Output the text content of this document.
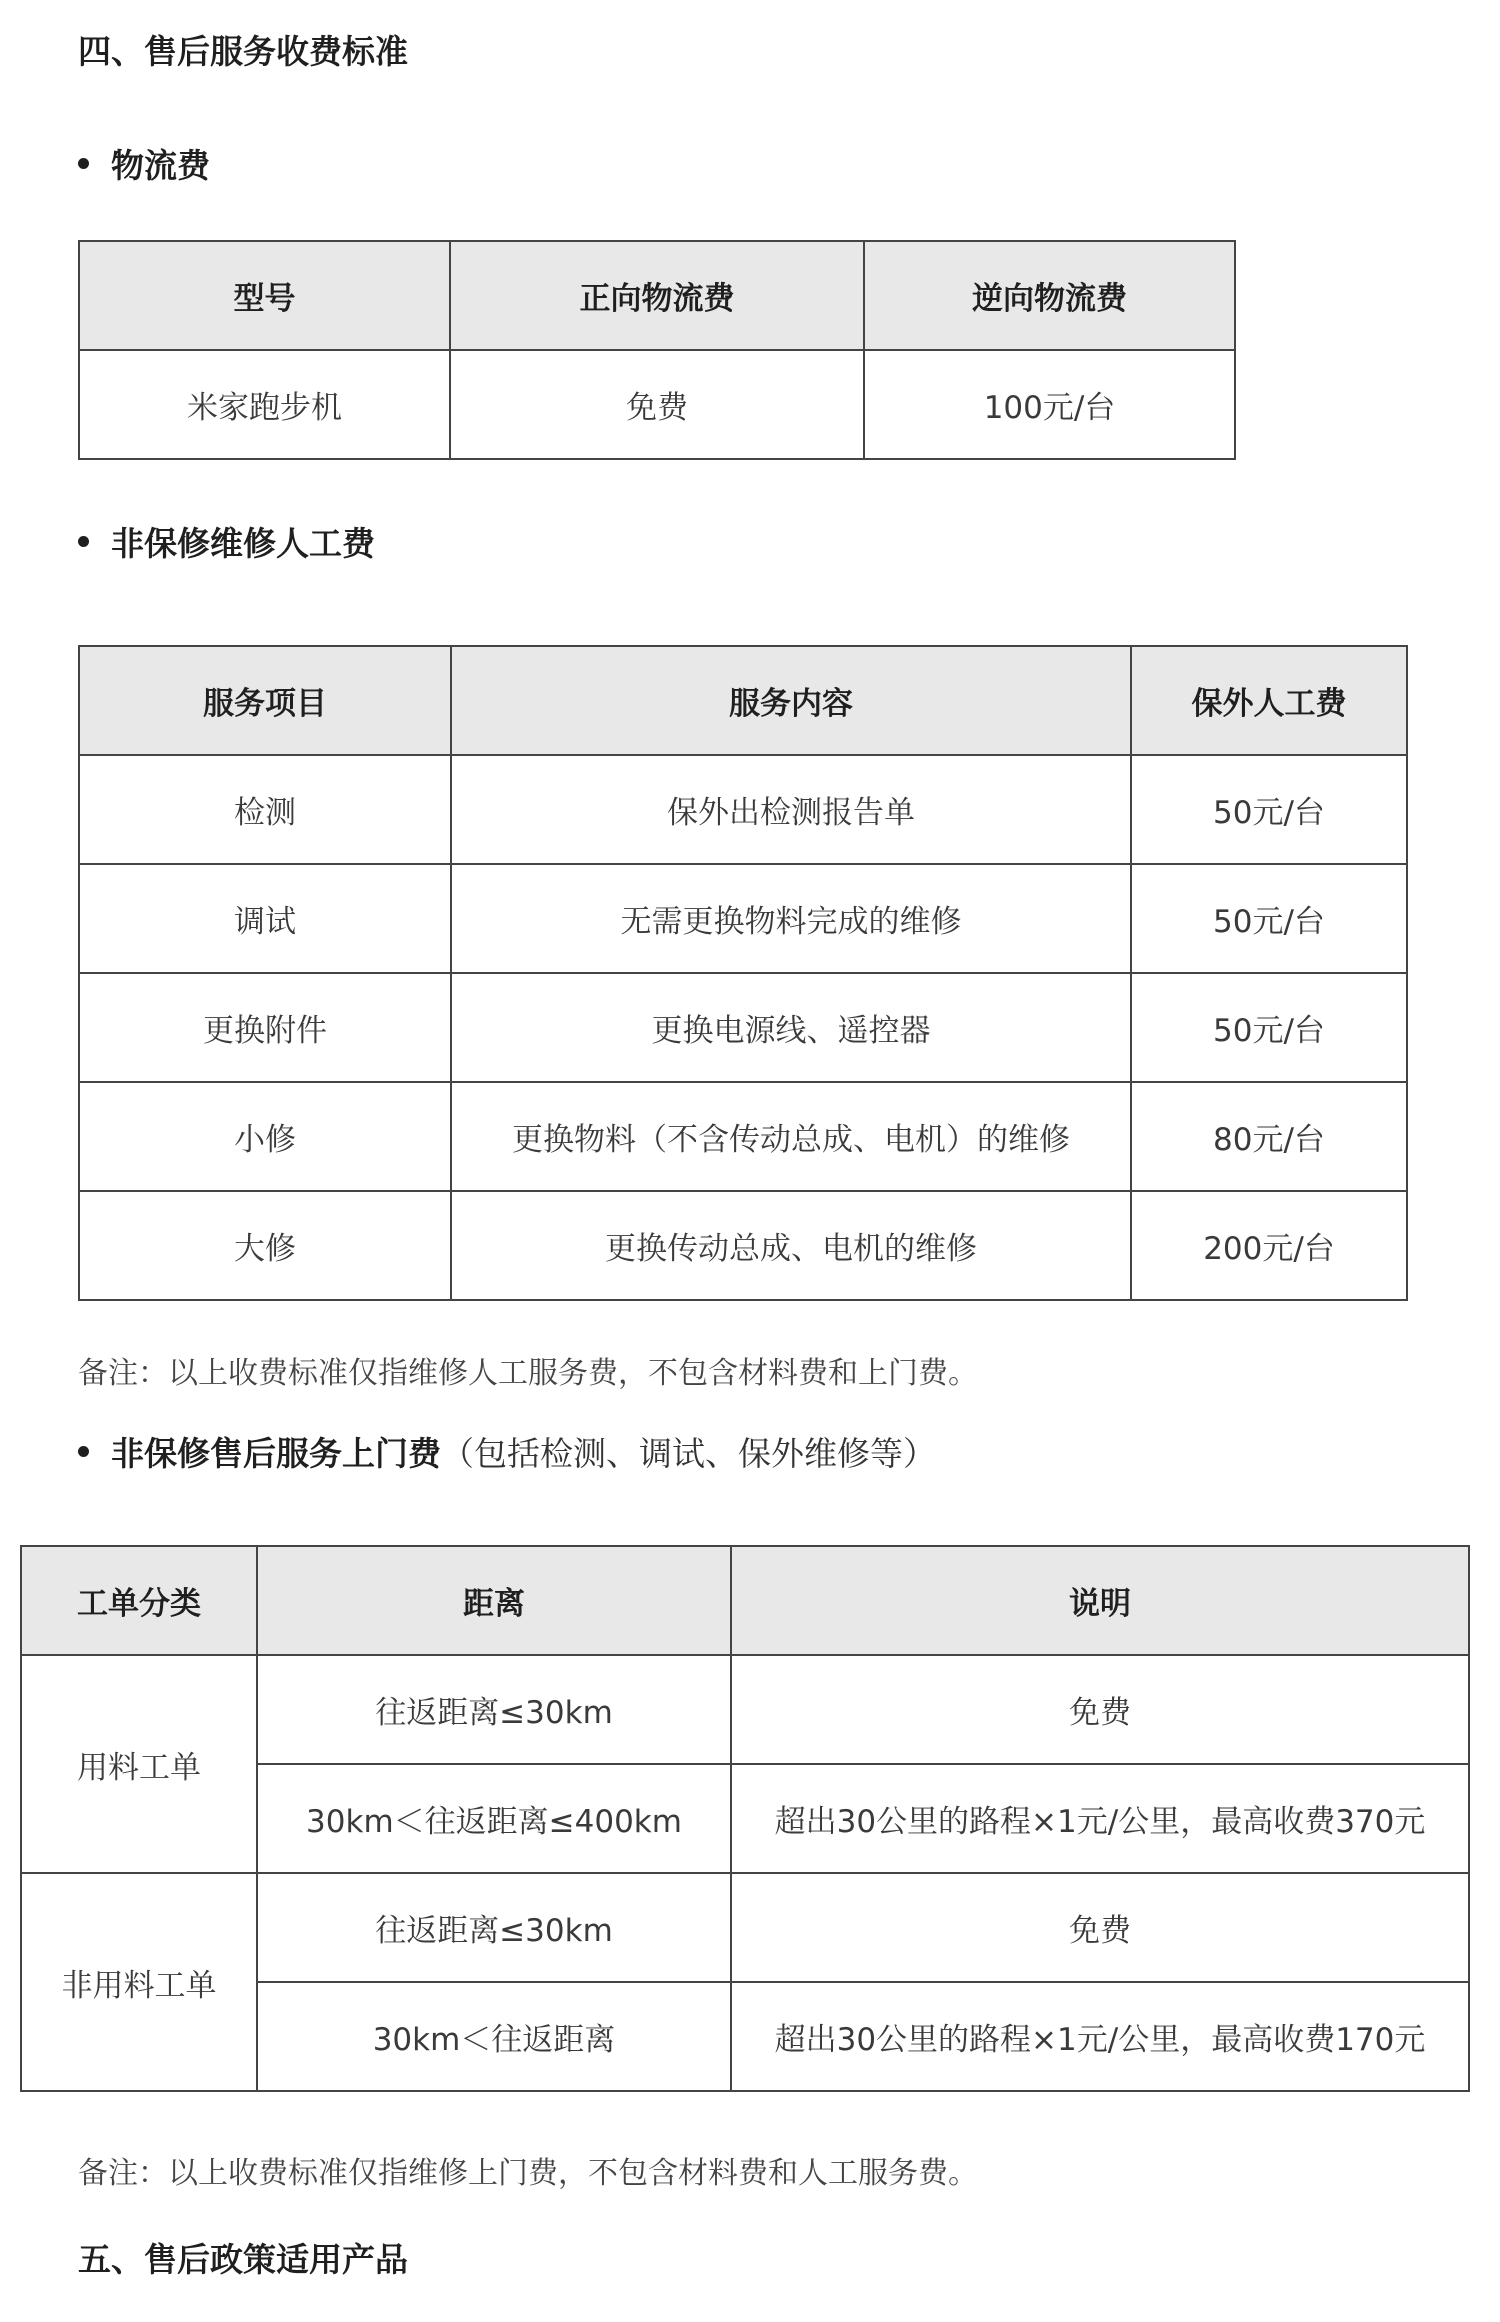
四、售后服务收费标准
物流费
型号	正向物流费	逆向物流费
米家跑步机	免费	100元/台
非保修维修人工费
服务项目	服务内容	保外人工费
检测	保外出检测报告单	50元/台
调试	无需更换物料完成的维修	50元/台
更换附件	更换电源线、遥控器	50元/台
小修	更换物料（不含传动总成、电机）的维修	80元/台
大修	更换传动总成、电机的维修	200元/台
备注：以上收费标准仅指维修人工服务费，不包含材料费和上门费。
非保修售后服务上门费 （包括检测、调试、保外维修等）
工单分类	距离	说明
用料工单	往返距离≤30km	免费
	30km＜往返距离≤400km	超出30公里的路程×1元/公里，最高收费370元
非用料工单	往返距离≤30km	免费
	30km＜往返距离	超出30公里的路程×1元/公里，最高收费170元
备注：以上收费标准仅指维修上门费，不包含材料费和人工服务费。
五、售后政策适用产品
